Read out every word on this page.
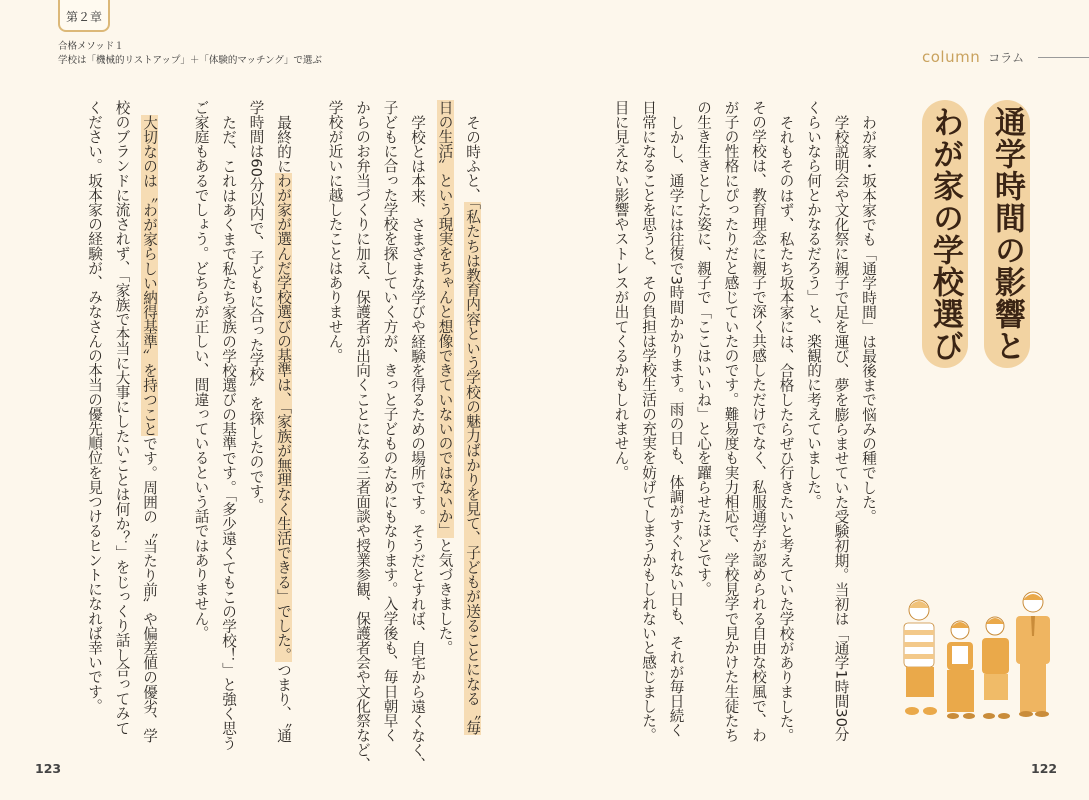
第２章
合格メソッド１
学校は「機械的リストアップ」＋「体験的マッチング」で選ぶ	column コラム
通学時間の影響と
わが家の学校選び
わが家・坂本家でも「通学時間」は最後まで悩みの種でした。
学校説明会や文化祭に親子で足を運び、夢を膨らませていた受験初期。当初は「通学1時間30分
くらいなら何とかなるだろう」と、楽観的に考えていました。
それもそのはず、私たち坂本家には、合格したらぜひ行きたいと考えていた学校がありました。
その学校は、教育理念に親子で深く共感しただけでなく、私服通学が認められる自由な校風で、わ
が子の性格にぴったりだと感じていたのです。難易度も実力相応で、学校見学で見かけた生徒たち
の生き生きとした姿に、親子で「ここはいいね」と心を躍らせたほどです。
しかし、通学には往復で3時間かかります。雨の日も、体調がすぐれない日も、それが毎日続く
日常になることを思うと、その負担は学校生活の充実を妨げてしまうかもしれないと感じました。
目に見えない影響やストレスが出てくるかもしれません。
その時ふと、「私たちは教育内容という学校の魅力ばかりを見て、子どもが送ることになる〝毎
日の生活〟という現実をちゃんと想像できていないのではないか」と気づきました。
学校とは本来、さまざまな学びや経験を得るための場所です。そうだとすれば、自宅から遠くなく、
子どもに合った学校を探していく方が、きっと子どものためにもなります。入学後も、毎日朝早く
からのお弁当づくりに加え、保護者が出向くことになる三者面談や授業参観、保護者会や文化祭など、
学校が近いに越したことはありません。
最終的にわが家が選んだ学校選びの基準は、「家族が無理なく生活できる」でした。つまり、〝通
学時間は60分以内で、子どもに合った学校〟を探したのです。
ただ、これはあくまで私たち家族の学校選びの基準です。「多少遠くてもこの学校！」と強く思う
ご家庭もあるでしょう。どちらが正しい、間違っているという話ではありません。
大切なのは〝わが家らしい納得基準〟を持つことです。周囲の〝当たり前〟や偏差値の優劣、学
校のブランドに流されず、「家族で本当に大事にしたいことは何か？」をじっくり話し合ってみて
ください。坂本家の経験が、みなさんの本当の優先順位を見つけるヒントになれば幸いです。
123	122
